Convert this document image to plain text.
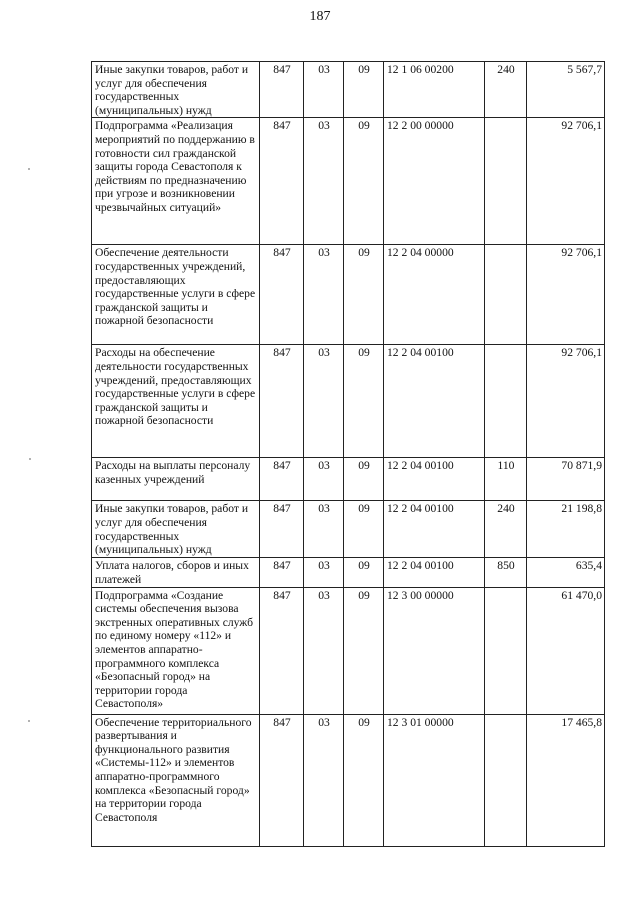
187
Иные закупки товаров, работ и услуг для обеспечения государственных (муниципальных) нужд	847	03	09	12 1 06 00200	240	5 567,7
Подпрограмма «Реализация мероприятий по поддержанию в готовности сил гражданской защиты города Севастополя к действиям по предназначению при угрозе и возникновении чрезвычайных ситуаций»	847	03	09	12 2 00 00000		92 706,1
Обеспечение деятельности государственных учреждений, предоставляющих государственные услуги в сфере гражданской защиты и пожарной безопасности	847	03	09	12 2 04 00000		92 706,1
Расходы на обеспечение деятельности государственных учреждений, предоставляющих государственные услуги в сфере гражданской защиты и пожарной безопасности	847	03	09	12 2 04 00100		92 706,1
Расходы на выплаты персоналу казенных учреждений	847	03	09	12 2 04 00100	110	70 871,9
Иные закупки товаров, работ и услуг для обеспечения государственных (муниципальных) нужд	847	03	09	12 2 04 00100	240	21 198,8
Уплата налогов, сборов и иных платежей	847	03	09	12 2 04 00100	850	635,4
Подпрограмма «Создание системы обеспечения вызова экстренных оперативных служб по единому номеру «112» и элементов аппаратно-программного комплекса «Безопасный город» на территории города Севастополя»	847	03	09	12 3 00 00000		61 470,0
Обеспечение территориального развертывания и функционального развития «Системы-112» и элементов аппаратно-программного комплекса «Безопасный город» на территории города Севастополя	847	03	09	12 3 01 00000		17 465,8
